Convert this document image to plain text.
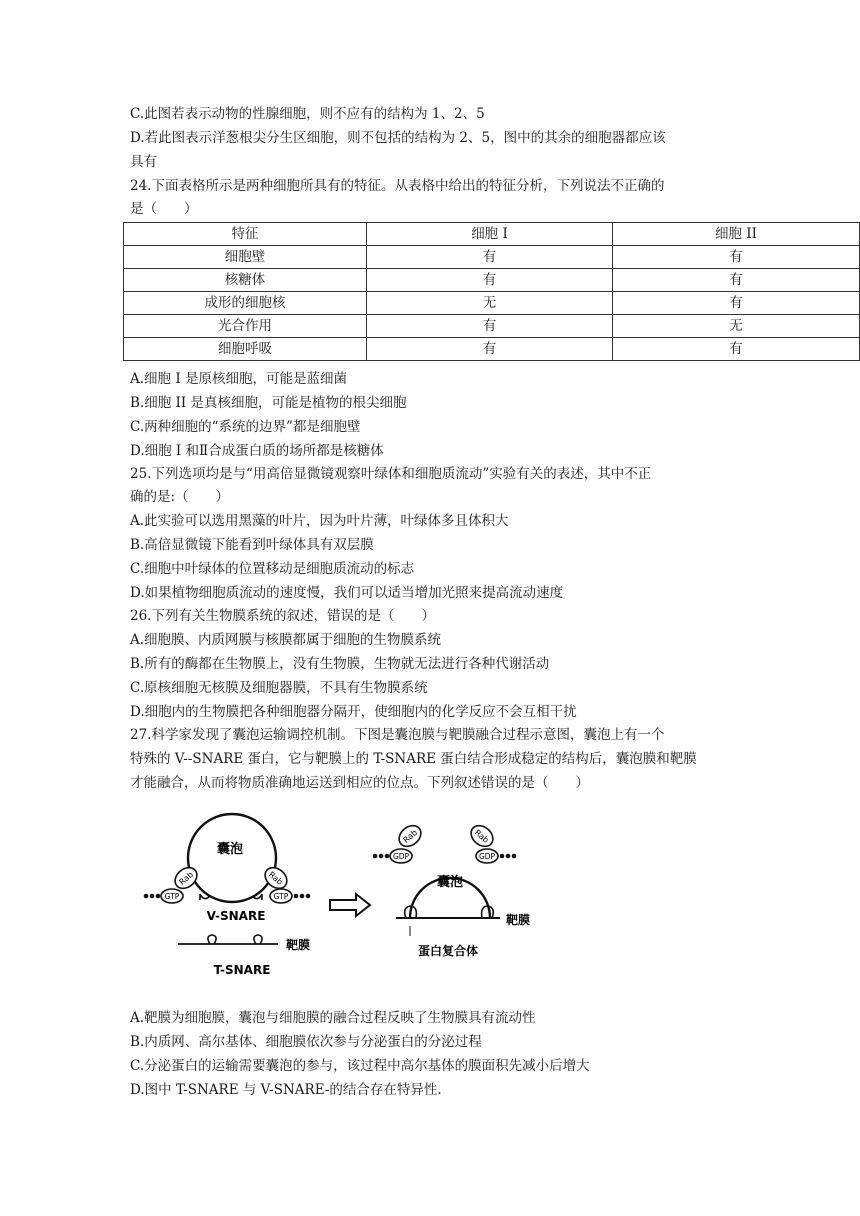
C.此图若表示动物的性腺细胞，则不应有的结构为 1、2、5
D.若此图表示洋葱根尖分生区细胞，则不包括的结构为 2、5，图中的其余的细胞器都应该
具有
24.下面表格所示是两种细胞所具有的特征。从表格中给出的特征分析，下列说法不正确的
是（　　）
特征	细胞 I	细胞 II
细胞壁	有	有
核糖体	有	有
成形的细胞核	无	有
光合作用	有	无
细胞呼吸	有	有
A.细胞 I 是原核细胞，可能是蓝细菌
B.细胞 II 是真核细胞，可能是植物的根尖细胞
C.两种细胞的“系统的边界”都是细胞壁
D.细胞 I 和Ⅱ合成蛋白质的场所都是核糖体
25.下列选项均是与“用高倍显微镜观察叶绿体和细胞质流动”实验有关的表述，其中不正
确的是:（　　）
A.此实验可以选用黑藻的叶片，因为叶片薄，叶绿体多且体积大
B.高倍显微镜下能看到叶绿体具有双层膜
C.细胞中叶绿体的位置移动是细胞质流动的标志
D.如果植物细胞质流动的速度慢，我们可以适当增加光照来提高流动速度
26.下列有关生物膜系统的叙述，错误的是（　　）
A.细胞膜、内质网膜与核膜都属于细胞的生物膜系统
B.所有的酶都在生物膜上，没有生物膜，生物就无法进行各种代谢活动
C.原核细胞无核膜及细胞器膜，不具有生物膜系统
D.细胞内的生物膜把各种细胞器分隔开，使细胞内的化学反应不会互相干扰
27.科学家发现了囊泡运输调控机制。下图是囊泡膜与靶膜融合过程示意图，囊泡上有一个
特殊的 V--SNARE 蛋白，它与靶膜上的 T-SNARE 蛋白结合形成稳定的结构后，囊泡膜和靶膜
才能融合，从而将物质准确地运送到相应的位点。下列叙述错误的是（　　）
囊泡
Rab
GTP
Rab
GTP
V-SNARE
靶膜
T-SNARE
囊泡
Rab
GDP
Rab
GDP
靶膜
蛋白复合体
A.靶膜为细胞膜，囊泡与细胞膜的融合过程反映了生物膜具有流动性
B.内质网、高尔基体、细胞膜依次参与分泌蛋白的分泌过程
C.分泌蛋白的运输需要囊泡的参与，该过程中高尔基体的膜面积先减小后增大
D.图中 T-SNARE 与 V-SNARE-的结合存在特异性.
